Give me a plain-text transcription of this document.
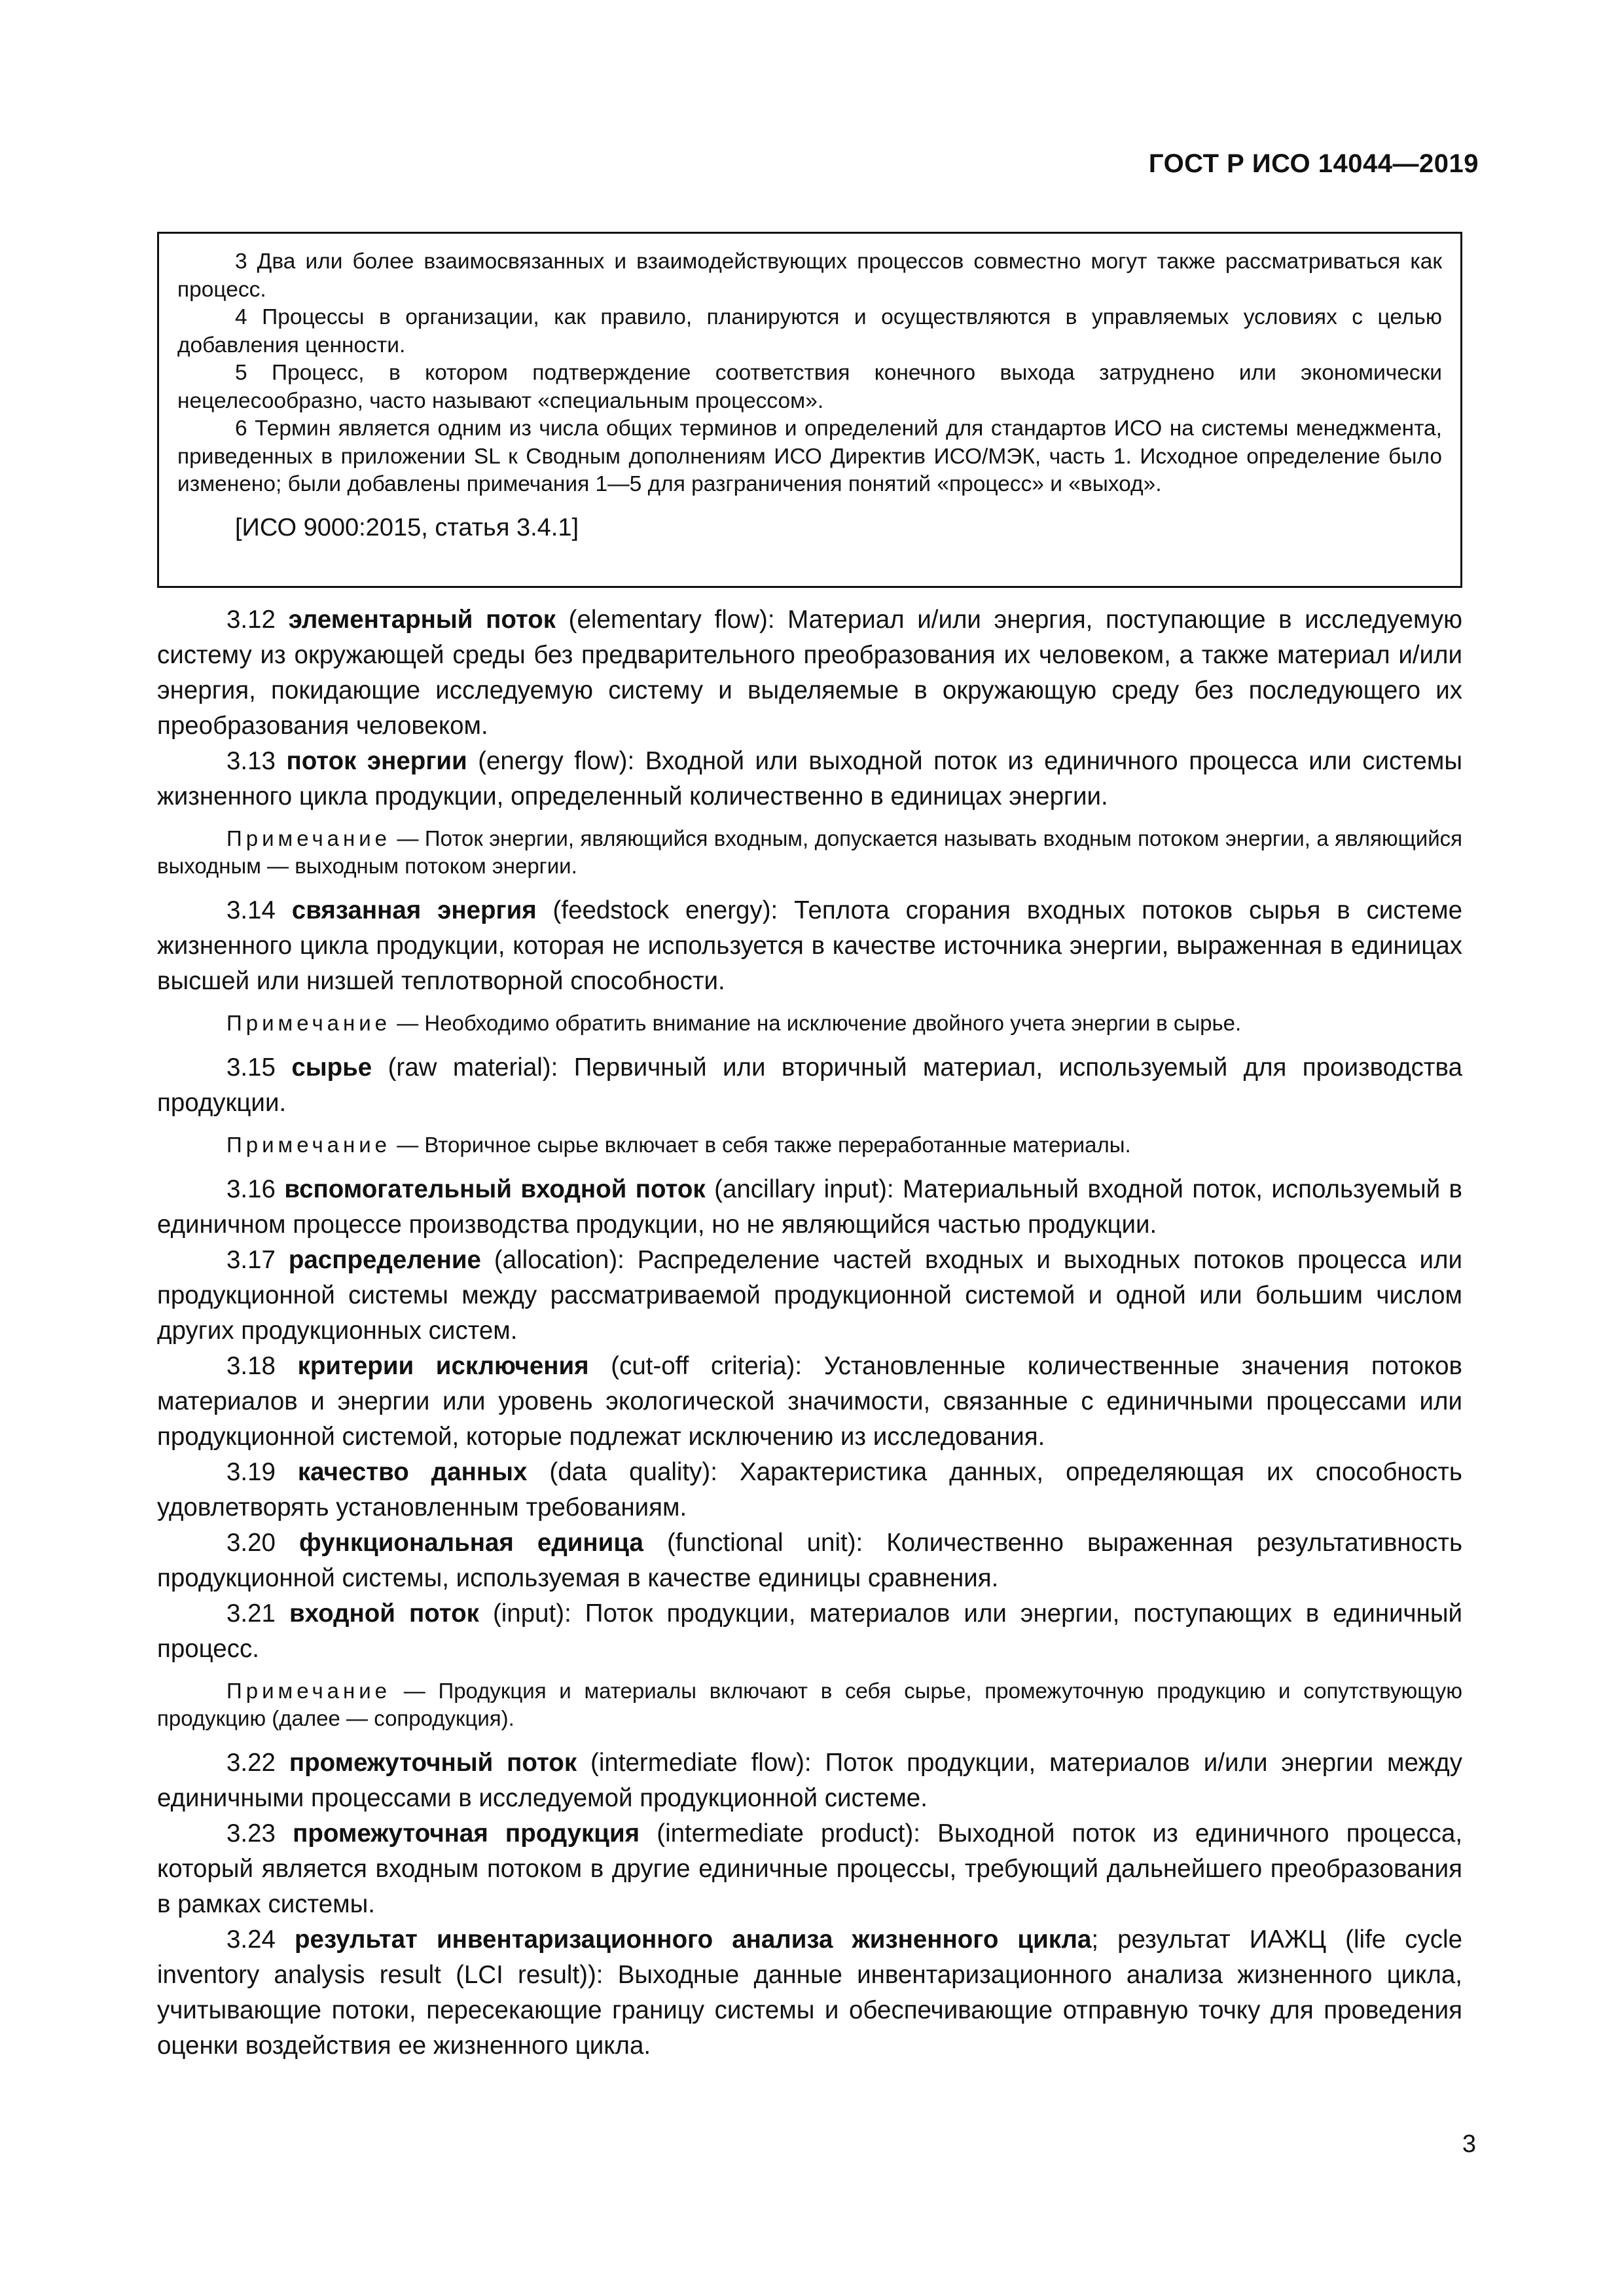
ГОСТ Р ИСО 14044—2019

3 Два или более взаимосвязанных и взаимодействующих процессов совместно могут также рассматриваться как процесс.

4 Процессы в организации, как правило, планируются и осуществляются в управляемых условиях с целью добавления ценности.

5 Процесс, в котором подтверждение соответствия конечного выхода затруднено или экономически нецелесообразно, часто называют «специальным процессом».

6 Термин является одним из числа общих терминов и определений для стандартов ИСО на системы менеджмента, приведенных в приложении SL к Сводным дополнениям ИСО Директив ИСО/МЭК, часть 1. Исходное определение было изменено; были добавлены примечания 1—5 для разграничения понятий «процесс» и «выход».

[ИСО 9000:2015, статья 3.4.1]

3.12 элементарный поток (elementary flow): Материал и/или энергия, поступающие в исследуемую систему из окружающей среды без предварительного преобразования их человеком, а также материал и/или энергия, покидающие исследуемую систему и выделяемые в окружающую среду без последующего их преобразования человеком.

3.13 поток энергии (energy flow): Входной или выходной поток из единичного процесса или системы жизненного цикла продукции, определенный количественно в единицах энергии.

Примечание — Поток энергии, являющийся входным, допускается называть входным потоком энергии, а являющийся выходным — выходным потоком энергии.

3.14 связанная энергия (feedstock energy): Теплота сгорания входных потоков сырья в системе жизненного цикла продукции, которая не используется в качестве источника энергии, выраженная в единицах высшей или низшей теплотворной способности.

Примечание — Необходимо обратить внимание на исключение двойного учета энергии в сырье.

3.15 сырье (raw material): Первичный или вторичный материал, используемый для производства продукции.

Примечание — Вторичное сырье включает в себя также переработанные материалы.

3.16 вспомогательный входной поток (ancillary input): Материальный входной поток, используемый в единичном процессе производства продукции, но не являющийся частью продукции.

3.17 распределение (allocation): Распределение частей входных и выходных потоков процесса или продукционной системы между рассматриваемой продукционной системой и одной или большим числом других продукционных систем.

3.18 критерии исключения (cut-off criteria): Установленные количественные значения потоков материалов и энергии или уровень экологической значимости, связанные с единичными процессами или продукционной системой, которые подлежат исключению из исследования.

3.19 качество данных (data quality): Характеристика данных, определяющая их способность удовлетворять установленным требованиям.

3.20 функциональная единица (functional unit): Количественно выраженная результативность продукционной системы, используемая в качестве единицы сравнения.

3.21 входной поток (input): Поток продукции, материалов или энергии, поступающих в единичный процесс.

Примечание — Продукция и материалы включают в себя сырье, промежуточную продукцию и сопутствующую продукцию (далее — сопродукция).

3.22 промежуточный поток (intermediate flow): Поток продукции, материалов и/или энергии между единичными процессами в исследуемой продукционной системе.

3.23 промежуточная продукция (intermediate product): Выходной поток из единичного процесса, который является входным потоком в другие единичные процессы, требующий дальнейшего преобразования в рамках системы.

3.24 результат инвентаризационного анализа жизненного цикла; результат ИАЖЦ (life cycle inventory analysis result (LCI result)): Выходные данные инвентаризационного анализа жизненного цикла, учитывающие потоки, пересекающие границу системы и обеспечивающие отправную точку для проведения оценки воздействия ее жизненного цикла.

3
